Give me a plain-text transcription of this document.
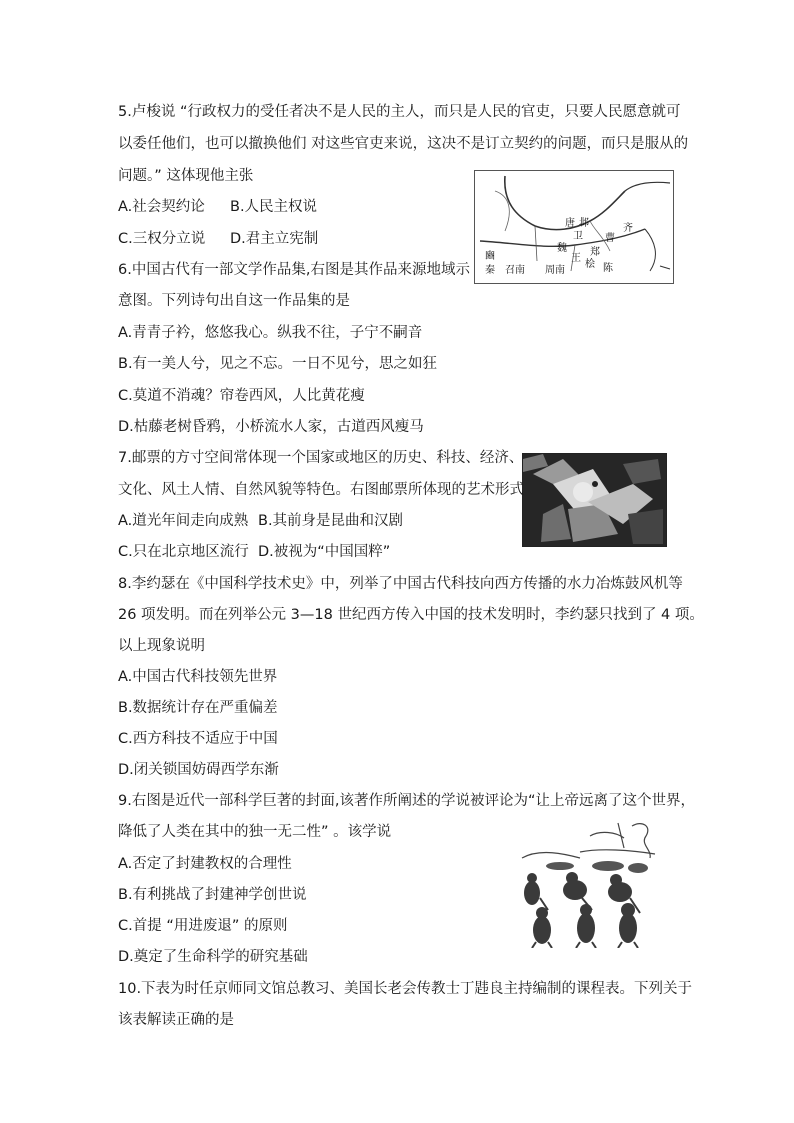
5.卢梭说 “行政权力的受任者决不是人民的主人，而只是人民的官吏，只要人民愿意就可
以委任他们，也可以撤换他们 对这些官吏来说，这决不是订立契约的问题，而只是服从的
问题。” 这体现他主张
A.社会契约论 B.人民主权说
C.三权分立说 D.君主立宪制
唐 邶
卫
齐
魏
王
郑
曹
豳
秦 召南 周南
桧 陈
6.中国古代有一部文学作品集,右图是其作品来源地域示
意图。下列诗句出自这一作品集的是
A.青青子衿，悠悠我心。纵我不往，子宁不嗣音
B.有一美人兮，见之不忘。一日不见兮，思之如狂
C.莫道不消魂？帘卷西风，人比黄花瘦
D.枯藤老树昏鸦，小桥流水人家，古道西风瘦马
7.邮票的方寸空间常体现一个国家或地区的历史、科技、经济、
文化、风土人情、自然风貌等特色。右图邮票所体现的艺术形式
A.道光年间走向成熟 B.其前身是昆曲和汉剧
C.只在北京地区流行 D.被视为“中国国粹”
8.李约瑟在《中国科学技术史》中，列举了中国古代科技向西方传播的水力冶炼鼓风机等
26 项发明。而在列举公元 3—18 世纪西方传入中国的技术发明时，李约瑟只找到了 4 项。
以上现象说明
A.中国古代科技领先世界
B.数据统计存在严重偏差
C.西方科技不适应于中国
D.闭关锁国妨碍西学东渐
9.右图是近代一部科学巨著的封面,该著作所阐述的学说被评论为“让上帝远离了这个世界，
降低了人类在其中的独一无二性” 。该学说
A.否定了封建教权的合理性
B.有利挑战了封建神学创世说
C.首提 “用进废退” 的原则
D.奠定了生命科学的研究基础
10.下表为时任京师同文馆总教习、美国长老会传教士丁韪良主持编制的课程表。下列关于
该表解读正确的是
